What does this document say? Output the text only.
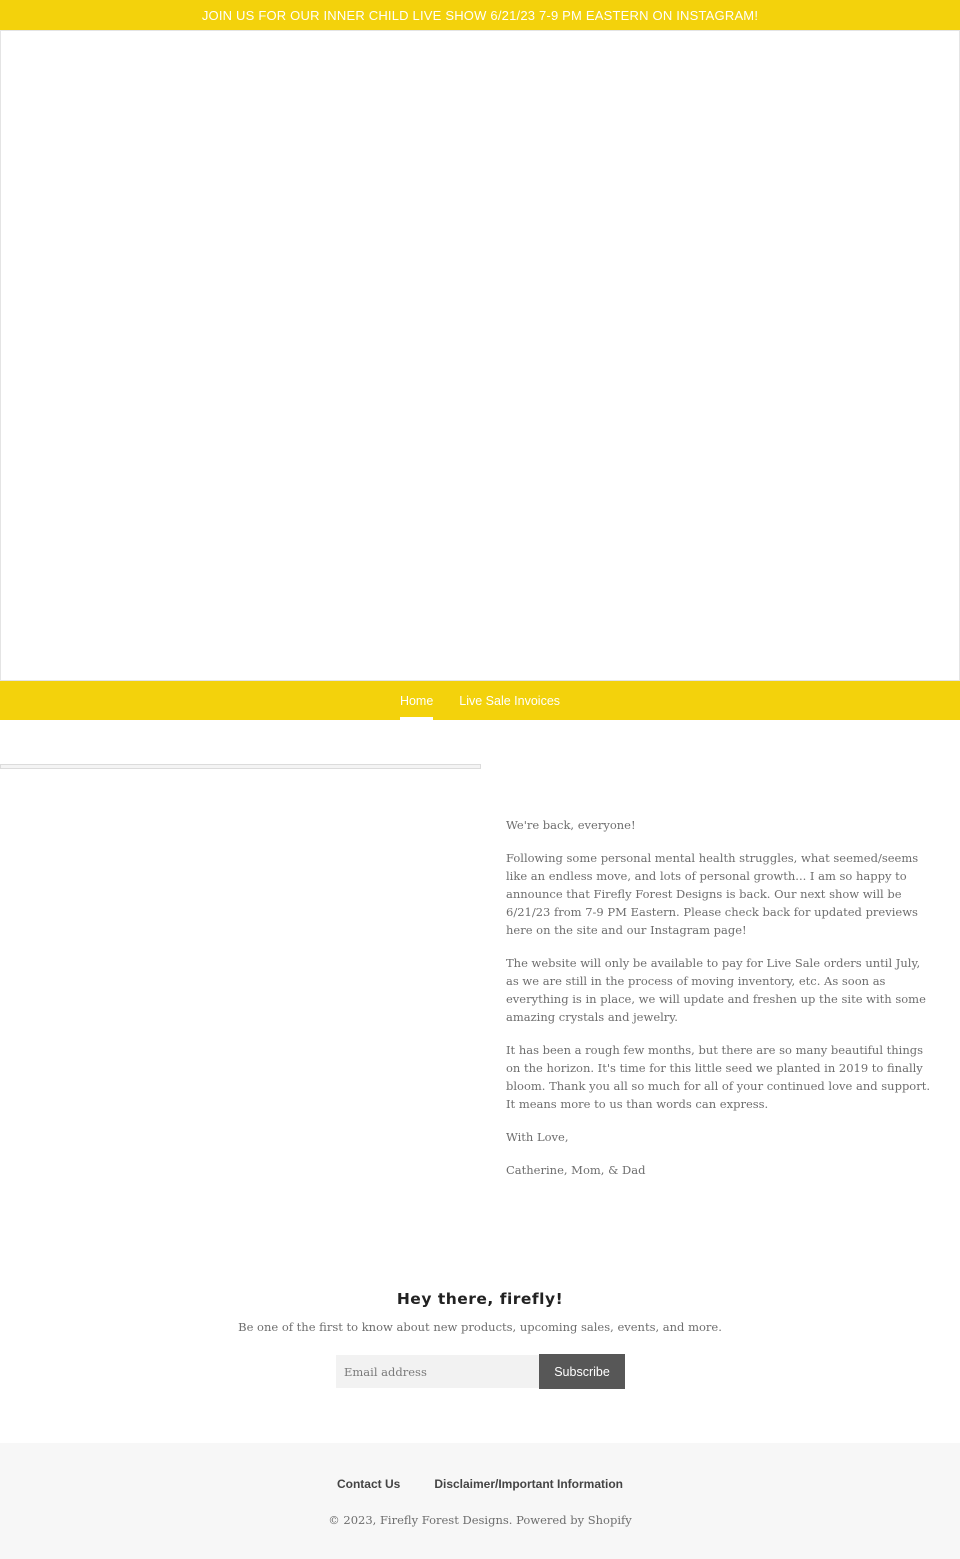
JOIN US FOR OUR INNER CHILD LIVE SHOW 6/21/23 7-9 PM EASTERN ON INSTAGRAM!
Home Live Sale Invoices

We're back, everyone!

Following some personal mental health struggles, what seemed/seems like an endless move, and lots of personal growth... I am so happy to announce that Firefly Forest Designs is back. Our next show will be 6/21/23 from 7-9 PM Eastern. Please check back for updated previews here on the site and our Instagram page!

The website will only be available to pay for Live Sale orders until July, as we are still in the process of moving inventory, etc. As soon as everything is in place, we will update and freshen up the site with some amazing crystals and jewelry.

It has been a rough few months, but there are so many beautiful things on the horizon. It's time for this little seed we planted in 2019 to finally bloom. Thank you all so much for all of your continued love and support. It means more to us than words can express.

With Love,

Catherine, Mom, & Dad

Hey there, firefly!

Be one of the first to know about new products, upcoming sales, events, and more.

Email address
Subscribe
Contact Us	Disclaimer/Important Information
© 2023, Firefly Forest Designs. Powered by Shopify
